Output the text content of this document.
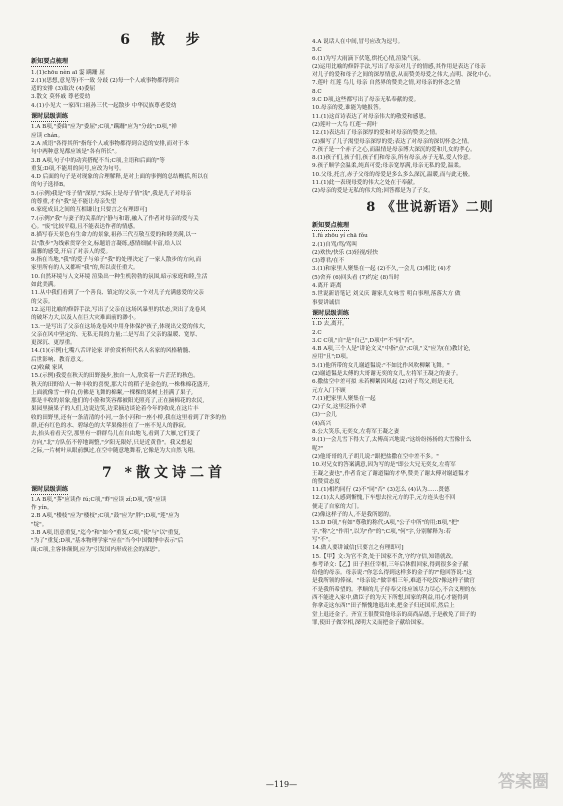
6 散 步
新知要点梳理
1.(1)chōu nèn aī 霎 蹒跚 屈
2.(1)(思想,意见等)不一致 分歧 (2)每一个人或事物都得到合
适的安排 (3)取决 (4)委屈
3.散文 莫怀戚 尊老爱幼
4.(1)小见大 一家四口祖孙三代一起散步 中华民族尊老爱幼
课时层级训练
1.A B项,"委曲"应为"委屈";C项,"蹒跚"应为"分歧";D项,"禅
应读 chán。
2.A 成语"各得其所"指每个人或事物都得到合适的安排,而对于本
句中两种意见都应该是"各有所长"。
3.B A项,句子中的动宾搭配不当;C项,主语和后面的"等
重复;D项,不能用的问号,应改为句号。
4.D 后面的句子是对现象的合理解释,是对上面的事例的总结概括,所以在
的句子选择B。
5.(示例)我是"母子情"深厚,"实际上是母子情"浅",我是儿子对母亲
的尊重,才有"我"是不能让母亲失望
6.家庭成员之间的互相谦让[只要言之有理即可]
7.(示例)"我"与妻子的关系的宁静与和谐,融入了作者对母亲的爱与关
心。"废"比较平稳,且不能表达作者的情感。
8.描写春天景色有生命力的景象,祖孙三代互敬互爱的和睦美满,以一
以"散步"为线索贯穿全文,标题语言凝练,感情细腻丰富,给人以
温馨的感受,开启了对亲人的爱。
9.指在当地,"我"的爱子与弟子"我"的处理决定了一家人散步的方向,而
家里所有的人又都听"我"的,所以责任重大。
10.自然环境与人文环境 渲染出一种生机勃勃的氛围,暗示家庭和睦,生活
如此美满。
11.从中我们看到了一个善良、镇定的父亲,一个对儿子充满慈爱的父亲
的父亲。
12.运用比喻的修辞手法,写出了父亲在这场风暴里的状态,突出了龙卷风
的破坏力大,以及人在巨大灾难面前的渺小。
13.一是写出了父亲在这场龙卷风中用身体保护孩子,体现出父爱的伟大,
父亲在风中坚定的、无私无畏的力量;二是写出了父亲的温暖、宽厚、
更深沉、更厚重。
14.(1)(示例)七嘴八舌评论家 评价赏析所代名人名家的风格精髓、
后世影响、教育意义。
(2)收藏 家风
15.(示例)我爱在秋天的田野漫步,独自一人,欣赏着一片茫茫的秋色。
秋天的田野给人一种丰收的喜悦,那大片的稻子是金色的,一株株棉花盛开,
上面就像雪一样白,仿佛是飞舞的棉絮,一棵棵的果树上挂满了果子,
那是丰收的景象,他们的小脸和笑容都被阳光照亮了,正在摘棉花的农民,
果园里摘果子的人们,边说边笑,边采摘边谈论着今年的收成,在这片丰
收的田野里,还有一条清清的小河,一条小河和一座小桥,我在这里看到了许多的鱼
群,还有红色的水、碧绿色的大苹果像挂在了一座不见人的静寂。
去,抬头看看天空,那里有一群群鸟儿在自由地飞,看到了大雁,它们变了
方向,"北"方队伍不停地调整,"夕阳无限好,只是近黄昏"。我又想起
之际,一片树叶从眼前飘过,在空中随意地舞着,它像是为大自然飞翔。
7 *散文诗二首
课时层级训练
1.A B项,"荠"应读作 fú;C项,"蚱"应读 zǐ;D项,"漠"应读
作 yín。
2.B A项,"楼枝"应为"楼枝";C项,"鼓"应为"胖";D项,"莲"应为
"绽"。
3.B A项,语意重复,"迄今"和"如今"重复,C项,"使"与"以"重复,
"为了"重复;D项,"基本物理学家"应在"当今中国微博中表示"后
面;C项,主客体颠倒,应为"引发国内形成社会的深思"。
4.A 说话人在中间,冒号应改为逗号。
5.C
6.(1)为写大雨滴下伏笔,烘托心情,渲染气氛。
(2)运用比喻的修辞手法,写出了母亲对儿子的情感,其作用是表达了母亲
对儿子的爱和母子之间的深厚情意,从而赞美母爱之伟大,点明、深化中心。
7.莲叶 红莲 鸟儿 母亲 自然界的赞美之情,对母亲的怀念之情
8.C
9.C D项,这些都写出了母亲无私奉献的爱。
10.母亲的爱,谁能为她报答。
11.(1)这首诗表达了对母亲伟大的敬爱和感恩。
(2)莲叶一大鸟 红莲一荷叶
12.(1)表达出了母亲深厚的爱和对母亲的赞美之情。
(2)描写了儿子渴望母亲深厚的爱;表达了对母亲的深切怀念之情。
7.孩子是一个赤子之心,而温情是母亲博大深沉的爱和儿女的孝心。
8.(1)孩子们,孩子们,孩子们和母亲,所有母亲,赤子无私,爱人怜意。
9.孩子顺学会温柔,纯真可爱;母亲宽厚满,母亲无私的爱,温柔。
10.父母,托言,赤子父母的母爱是多么多么深沉,温暖,而与此无极。
11.(1)此一表现母爱的伟大之处在于奉献。
(2)母亲的爱是无私的伟大的;回答都是为了子女。
8 《世说新语》二则
新知要点梳理
1.fú zhōu yí chā fǒu
2.(1)自骂/骂/骂叫
(2)欢快/快乐 (3)轻视/轻快
(3)尊君/在不
3.(1)和家里人聚集在一起 (2)不久,一会儿 (3)相比 (4)才
(5)舍弃 (6)回头看 (7)约定 (8)当时
4.离开 距离
5.世说新语笔记 刘义庆 谢家儿女咏雪 明白事理,落落大方 做
事要讲诚信
课时层级训练
1.D 去,离开。
2.C
3.C C项,"自"是"自己",D项中"不"同"否"。
4.B A项,三个人是"讲论文义"中指"点";C项,"义"应为(在)教讨论,
应用"且";D项。
5.(1)他所带的女儿谢道韫说:"不如比作风吹柳絮飞舞。"
(2)谢道韫是太傅的大哥谢无奕的女儿,左将军王凝之的妻子。
6.撒盐空中差可拟 未若柳絮因风起 (2)对子骂父,则是无礼
元方入门不顾
7.(1)把家里人聚集在一起
(2)子女,这里泛指小辈
(3)一会儿
(4)高兴
8.公大笑乐,无奕女,左将军王凝之妻
9.(1)一会儿雪下得大了,太傅高兴地说:"这纷纷扬扬的大雪像什么
呢?"
(2)他哥哥的儿子胡儿说:"跟把盐撒在空中差不多。"
10.对兄女的答案满意,因为写的是"即公大兄无奕女,左将军
王凝之妻也",作者肯定了谢道韫的才华,赞美了谢太傅对谢道韫才
的赞赏态度
11.(1)相约同行 (2)不"同"否" (3)怎么 (4)认为……贤德
12.(1)太人感到惭愧,下车想去拉元方的手,元方连头也不回
便走了自家的大门。
(2)像这样子的人,不是我所愿的。
13.D D项,"有如"尊敬的称代;A项,"公子中所"的用;B项,"把"
字,"称"之"作用",以为"作"的";C项,"何"字,分别解释为:若
写"不"。
14.做人要讲诚信[只要言之有理即可]
15.【甲】文:为官不贪,处于国家不贪,守约守信,知错就改。
参考译文:【乙】田子担任宰相,三年后休假回家,得到很多金子献
给他的母亲。母亲说:"你怎么得到这样多的金子的?"他回答说:"这
是我所领的俸禄。"母亲说:"做宰相三年,难道不吃饭?像这样子做官
不是我所希望的。孝顺的儿子侍奉父母应该尽力尽心,不合义理的东
西不能进入家中,做臣子的为天下所想,国家的利益,用心才能得到
你拿走这东西!"田子惭愧地退出来,把金子归还国库,然后上
堂上退还金子。齐宣王很赞赏他母亲的高尚品德,于是赦免了田子的
罪,使田子做宰相,深明大义而把金子献给国家。
—119—	答案圈
